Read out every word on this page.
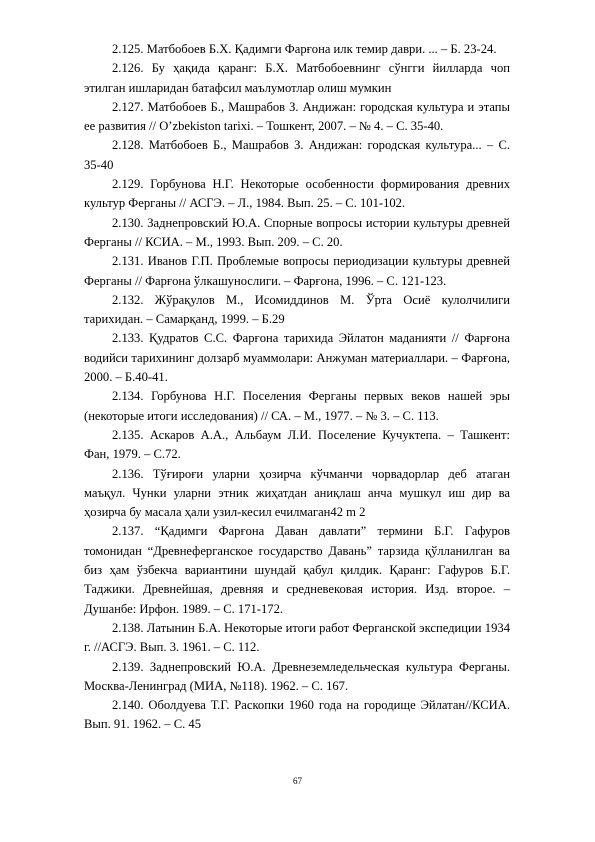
2.125. Матбобоев Б.Х. Қадимги Фарғона илк темир даври. ... – Б. 23-24.

2.126. Бу ҳақида қаранг: Б.Х. Матбобоевнинг сўнгги йилларда чоп этилган ишларидан батафсил маълумотлар олиш мумкин

2.127. Матбобоев Б., Машрабов З. Андижан: городская культура и этапы ее развития // O’zbekiston tarixi. – Тошкент, 2007. – № 4. – С. 35-40.

2.128. Матбобоев Б., Машрабов З. Андижан: городская культура... – С. 35-40

2.129. Горбунова Н.Г. Некоторые особенности формирования древних культур Ферганы // АСГЭ. – Л., 1984. Вып. 25. – С. 101-102.

2.130. Заднепровский Ю.А. Спорные вопросы истории культуры древней Ферганы // КСИА. – М., 1993. Вып. 209. – С. 20.

2.131. Иванов Г.П. Проблемые вопросы периодизации культуры древней Ферганы // Фарғона ўлкашунослиги. – Фарғона, 1996. – С. 121-123.

2.132. Жўрақулов М., Исомиддинов М. Ўрта Осиё кулолчилиги тарихидан. – Самарқанд, 1999. – Б.29

2.133. Қудратов С.С. Фарғона тарихида Эйлатон маданияти // Фарғона водийси тарихининг долзарб муаммолари: Анжуман материаллари. – Фарғона, 2000. – Б.40-41.

2.134. Горбунова Н.Г. Поселения Ферганы первых веков нашей эры (некоторые итоги исследования) // СА. – М., 1977. – № 3. – С. 113.

2.135. Аскаров А.А., Альбаум Л.И. Поселение Кучуктепа. – Ташкент: Фан, 1979. – С.72.

2.136. Тўғироғи уларни ҳозирча кўчманчи чорвадорлар деб атаган маъқул. Чунки уларни этник жиҳатдан аниқлаш анча мушкул иш дир ва ҳозирча бу масала ҳали узил-кесил ечилмаган42 m 2

2.137. “Қадимги Фарғона Даван давлати” термини Б.Г. Гафуров томонидан “Древнеферганское государство Давань” тарзида қўлланилган ва биз ҳам ўзбекча вариантини шундай қабул қилдик. Қаранг: Гафуров Б.Г. Таджики. Древнейшая, древняя и средневековая история. Изд. второе. – Душанбе: Ирфон. 1989. – С. 171-172.

2.138. Латынин Б.А. Некоторые итоги работ Ферганской экспедиции 1934 г. //АСГЭ. Вып. 3. 1961. – С. 112.

2.139. Заднепровский Ю.А. Древнеземледельческая культура Ферганы. Москва-Ленинград (МИА, №118). 1962. – С. 167.

2.140. Оболдуева Т.Г. Раскопки 1960 года на городище Эйлатан//КСИА. Вып. 91. 1962. – С. 45

67
